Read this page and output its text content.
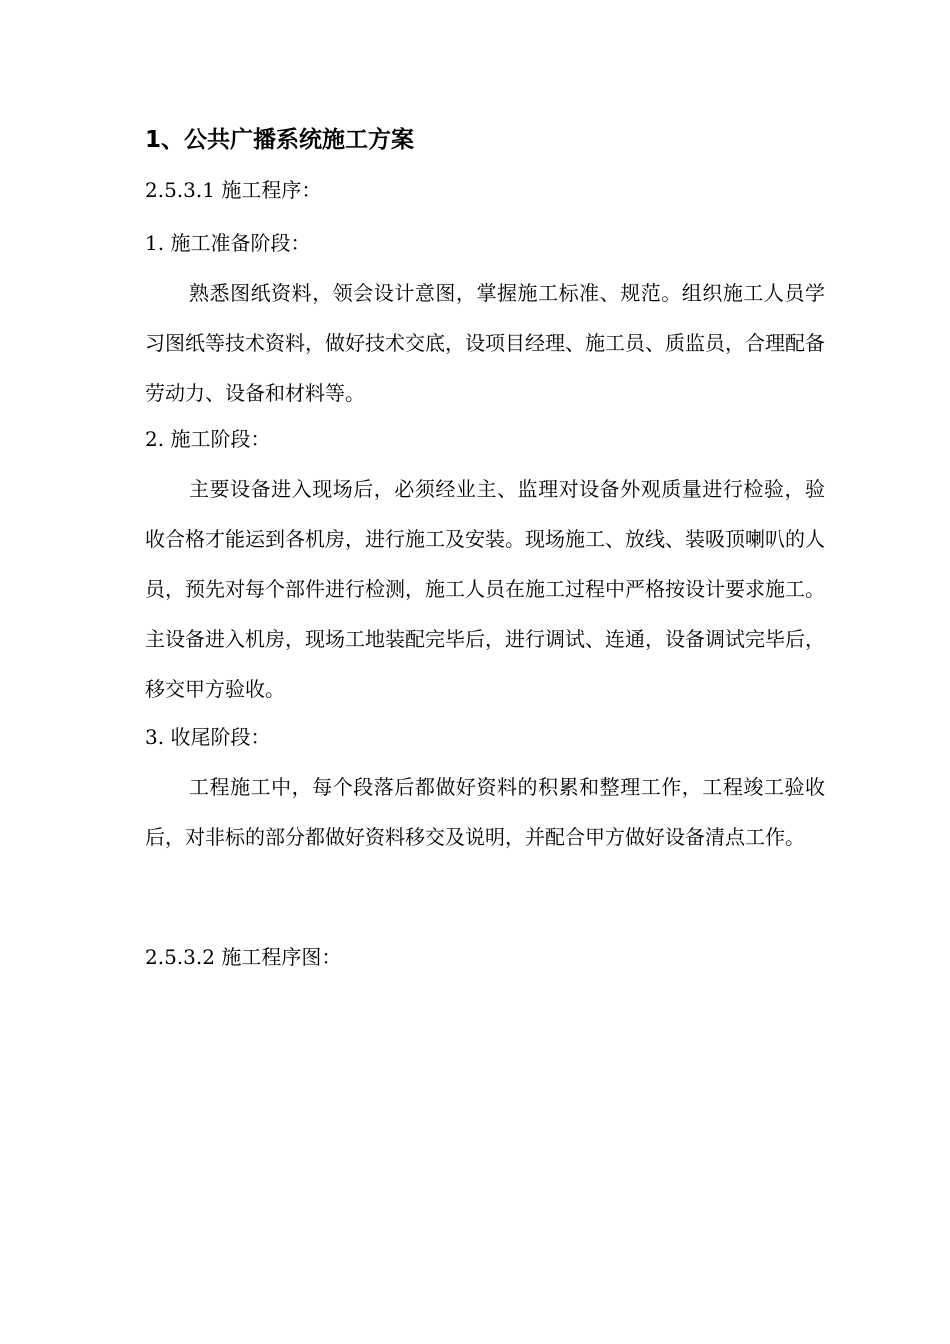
1、公共广播系统施工方案
2.5.3.1 施工程序：
1. 施工准备阶段：
熟悉图纸资料，领会设计意图，掌握施工标准、规范。组织施工人员学习图纸等技术资料，做好技术交底，设项目经理、施工员、质监员，合理配备劳动力、设备和材料等。
2. 施工阶段：
主要设备进入现场后，必须经业主、监理对设备外观质量进行检验，验收合格才能运到各机房，进行施工及安装。现场施工、放线、装吸顶喇叭的人员，预先对每个部件进行检测，施工人员在施工过程中严格按设计要求施工。主设备进入机房，现场工地装配完毕后，进行调试、连通，设备调试完毕后，移交甲方验收。
3. 收尾阶段：
工程施工中，每个段落后都做好资料的积累和整理工作，工程竣工验收后，对非标的部分都做好资料移交及说明，并配合甲方做好设备清点工作。
2.5.3.2 施工程序图：
